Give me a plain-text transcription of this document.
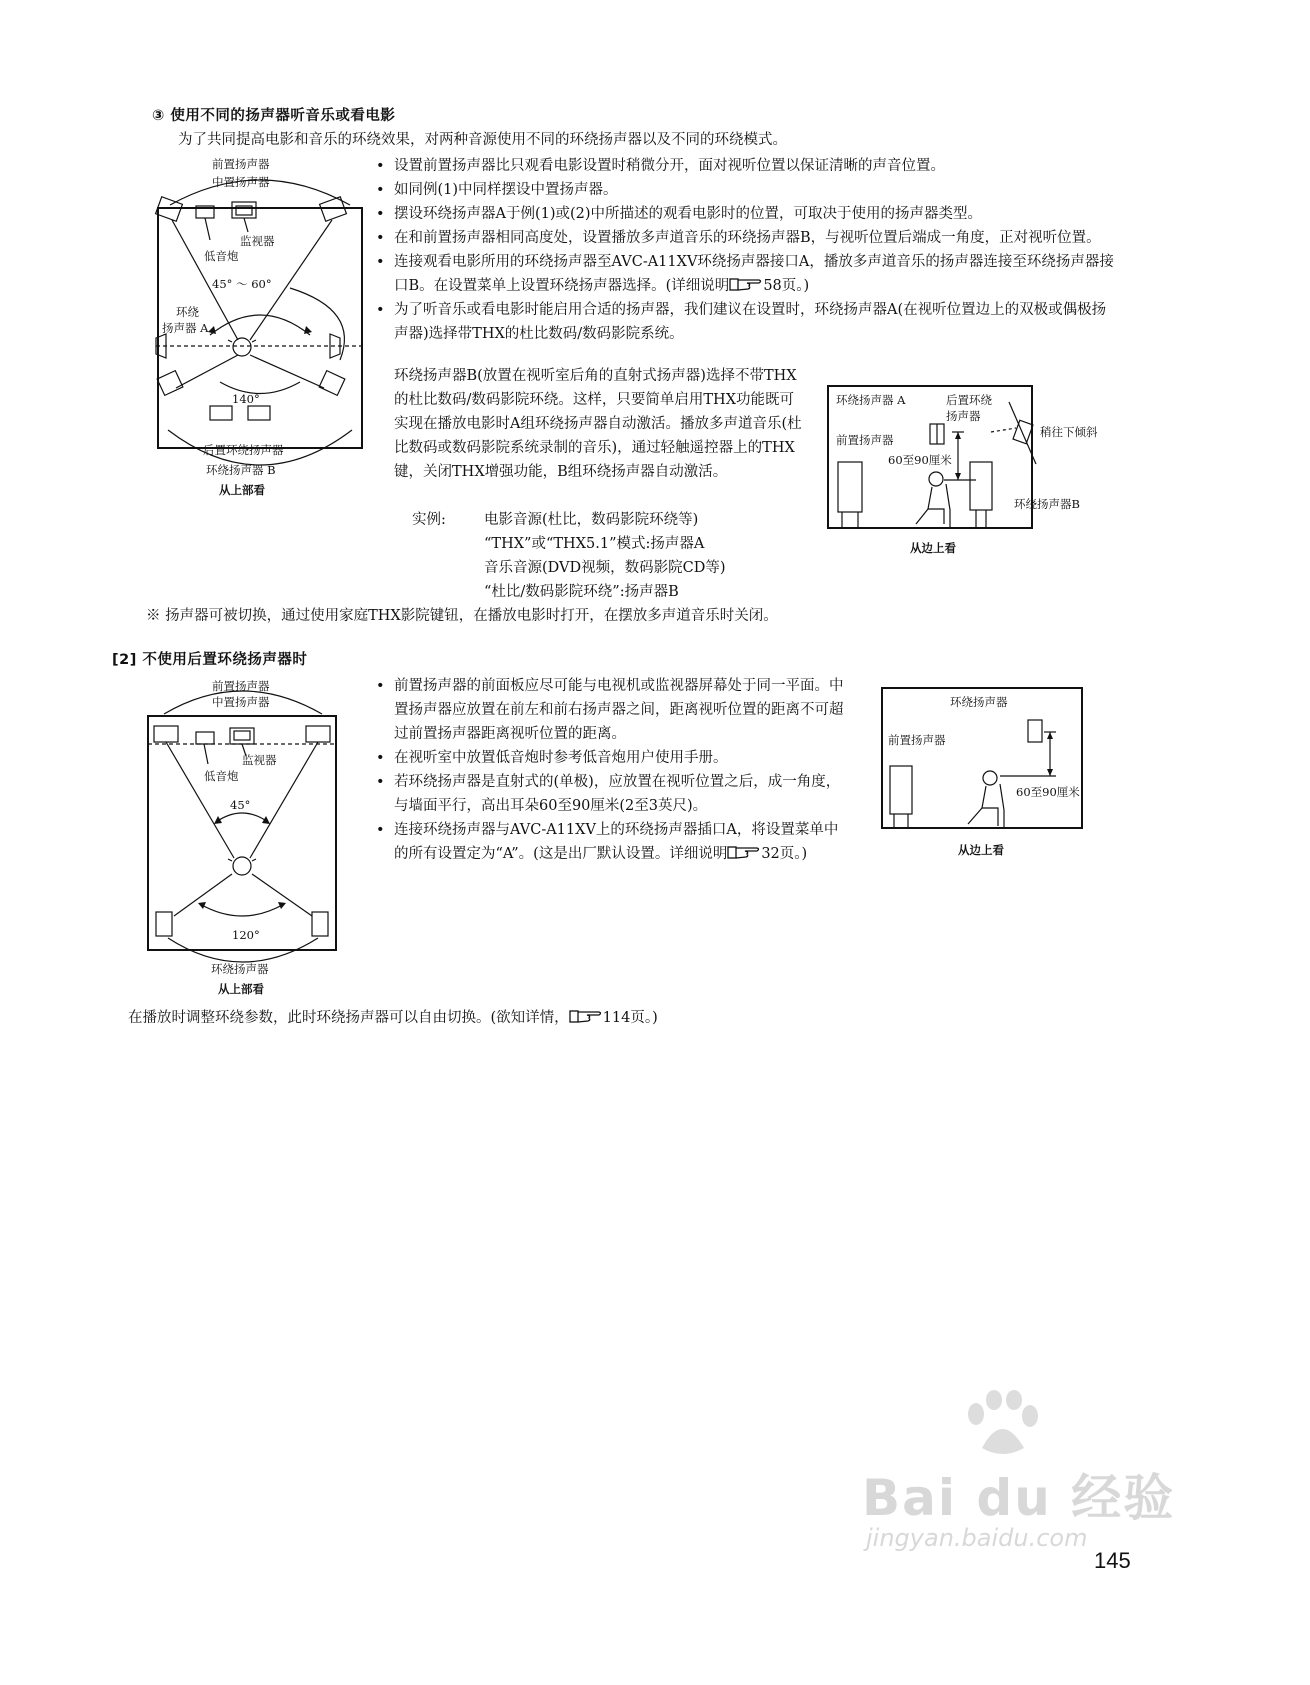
③ 使用不同的扬声器听音乐或看电影
为了共同提高电影和音乐的环绕效果，对两种音源使用不同的环绕扬声器以及不同的环绕模式。
前置扬声器
中置扬声器
监视器
低音炮
45° ～ 60°
环绕
扬声器 A
140°
后置环绕扬声器
环绕扬声器 B
从上部看
• 设置前置扬声器比只观看电影设置时稍微分开，面对视听位置以保证清晰的声音位置。
• 如同例(1)中同样摆设中置扬声器。
• 摆设环绕扬声器A于例(1)或(2)中所描述的观看电影时的位置，可取决于使用的扬声器类型。
• 在和前置扬声器相同高度处，设置播放多声道音乐的环绕扬声器B，与视听位置后端成一角度，正对视听位置。
• 连接观看电影所用的环绕扬声器至AVC-A11XV环绕扬声器接口A，播放多声道音乐的扬声器连接至环绕扬声器接口B。在设置菜单上设置环绕扬声器选择。(详细说明 58页。)
• 为了听音乐或看电影时能启用合适的扬声器，我们建议在设置时，环绕扬声器A(在视听位置边上的双极或偶极扬声器)选择带THX的杜比数码/数码影院系统。
环绕扬声器B(放置在视听室后角的直射式扬声器)选择不带THX的杜比数码/数码影院环绕。这样，只要简单启用THX功能既可实现在播放电影时A组环绕扬声器自动激活。播放多声道音乐(杜比数码或数码影院系统录制的音乐)，通过轻触遥控器上的THX键，关闭THX增强功能，B组环绕扬声器自动激活。
实例:	电影音源(杜比，数码影院环绕等)
“THX”或“THX5.1”模式:扬声器A
音乐音源(DVD视频，数码影院CD等)
“杜比/数码影院环绕”:扬声器B
环绕扬声器 A	后置环绕
扬声器
稍往下倾斜
前置扬声器
60至90厘米
环绕扬声器B
从边上看
※ 扬声器可被切换，通过使用家庭THX影院键钮，在播放电影时打开，在摆放多声道音乐时关闭。
[2] 不使用后置环绕扬声器时
前置扬声器
中置扬声器
监视器
低音炮
45°
120°
环绕扬声器
从上部看
• 前置扬声器的前面板应尽可能与电视机或监视器屏幕处于同一平面。中置扬声器应放置在前左和前右扬声器之间，距离视听位置的距离不可超过前置扬声器距离视听位置的距离。
• 在视听室中放置低音炮时参考低音炮用户使用手册。
• 若环绕扬声器是直射式的(单极)，应放置在视听位置之后，成一角度，与墙面平行，高出耳朵60至90厘米(2至3英尺)。
• 连接环绕扬声器与AVC-A11XV上的环绕扬声器插口A，将设置菜单中的所有设置定为“A”。(这是出厂默认设置。详细说明 32页。)
环绕扬声器
前置扬声器
60至90厘米
从边上看
在播放时调整环绕参数，此时环绕扬声器可以自由切换。(欲知详情， 114页。)
Bai du 经验
jingyan.baidu.com
145
